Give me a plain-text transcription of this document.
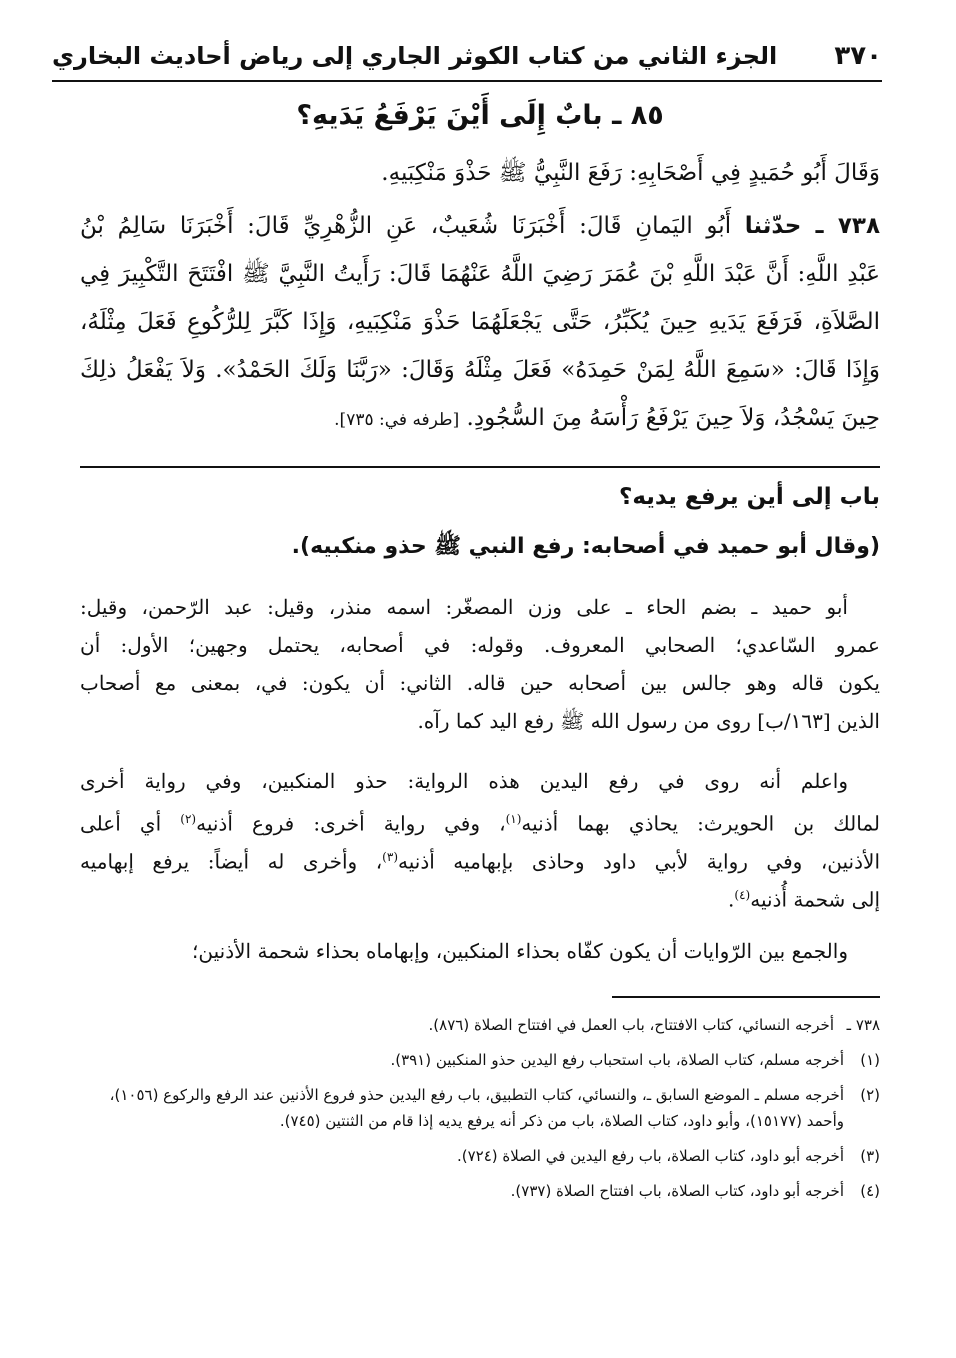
٣٧٠
الجزء الثاني من كتاب الكوثر الجاري إلى رياض أحاديث البخاري
٨٥ ـ بابٌ إِلَى أَيْنَ يَرْفَعُ يَدَيهِ؟
وَقَالَ أَبُو حُمَيدٍ فِي أَصْحَابِهِ: رَفَعَ النَّبِيُّ ﷺ حَذْوَ مَنْكِبَيهِ.
٧٣٨ ـ حدّثنا أَبُو اليَمانِ قَالَ: أَخْبَرَنَا شُعَيبٌ، عَنِ الزُّهْرِيِّ قَالَ: أَخْبَرَنَا سَالِمُ بْنُ
عَبْدِ اللَّهِ: أَنَّ عَبْدَ اللَّهِ بْنَ عُمَرَ رَضِيَ اللَّهُ عَنْهُمَا قَالَ: رَأَيتُ النَّبِيَّ ﷺ افْتَتَحَ التَّكْبِيرَ فِي
الصَّلاَةِ، فَرَفَعَ يَدَيهِ حِينَ يُكَبِّرُ، حَتَّى يَجْعَلَهُمَا حَذْوَ مَنْكِبَيهِ، وَإِذَا كَبَّرَ لِلرُّكُوعِ فَعَلَ مِثْلَهُ،
وَإِذَا قَالَ: «سَمِعَ اللَّهُ لِمَنْ حَمِدَهُ» فَعَلَ مِثْلَهُ وَقَالَ: «رَبَّنَا وَلَكَ الحَمْدُ». وَلاَ يَفْعَلُ ذلِكَ
حِينَ يَسْجُدُ، وَلاَ حِينَ يَرْفَعُ رَأْسَهُ مِنَ السُّجُودِ. [طرفه في: ٧٣٥].
باب إلى أين يرفع يديه؟
(وقال أبو حميد في أصحابه: رفع النبي ﷺ حذو منكبيه).
أبو حميد ـ بضم الحاء ـ على وزن المصغّر: اسمه منذر، وقيل: عبد الرّحمن، وقيل:
عمرو السّاعدي؛ الصحابي المعروف. وقوله: في أصحابه، يحتمل وجهين؛ الأول: أن
يكون قاله وهو جالس بين أصحابه حين قاله. الثاني: أن يكون: في، بمعنى مع أصحاب
الذين [١٦٣/ب] روى من رسول الله ﷺ رفع اليد كما رآه.
واعلم أنه روى في رفع اليدين هذه الرواية: حذو المنكبين، وفي رواية أخرى
لمالك بن الحويرث: يحاذي بهما أذنيه$^{(١)}$، وفي رواية أخرى: فروع أذنيه$^{(٢)}$ أي أعلى
الأذنين، وفي رواية لأبي داود وحاذى بإبهاميه أذنيه$^{(٣)}$، وأخرى له أيضاً: يرفع إبهاميه
إلى شحمة أُذنيه$^{(٤)}$.
والجمع بين الرّوايات أن يكون كفّاه بحذاء المنكبين، وإبهاماه بحذاء شحمة الأذنين؛
٧٣٨ ـ
أخرجه النسائي، كتاب الافتتاح، باب العمل في افتتاح الصلاة (٨٧٦).
(١)
أخرجه مسلم، كتاب الصلاة، باب استحباب رفع اليدين حذو المنكبين (٣٩١).
(٢)
أخرجه مسلم ـ الموضع السابق ـ، والنسائي، كتاب التطبيق، باب رفع اليدين حذو فروع الأذنين عند الرفع والركوع (١٠٥٦)، وأحمد (١٥١٧٧)، وأبو داود، كتاب الصلاة، باب من ذكر أنه يرفع يديه إذا قام من الثنتين (٧٤٥).
(٣)
أخرجه أبو داود، كتاب الصلاة، باب رفع اليدين في الصلاة (٧٢٤).
(٤)
أخرجه أبو داود، كتاب الصلاة، باب افتتاح الصلاة (٧٣٧).
